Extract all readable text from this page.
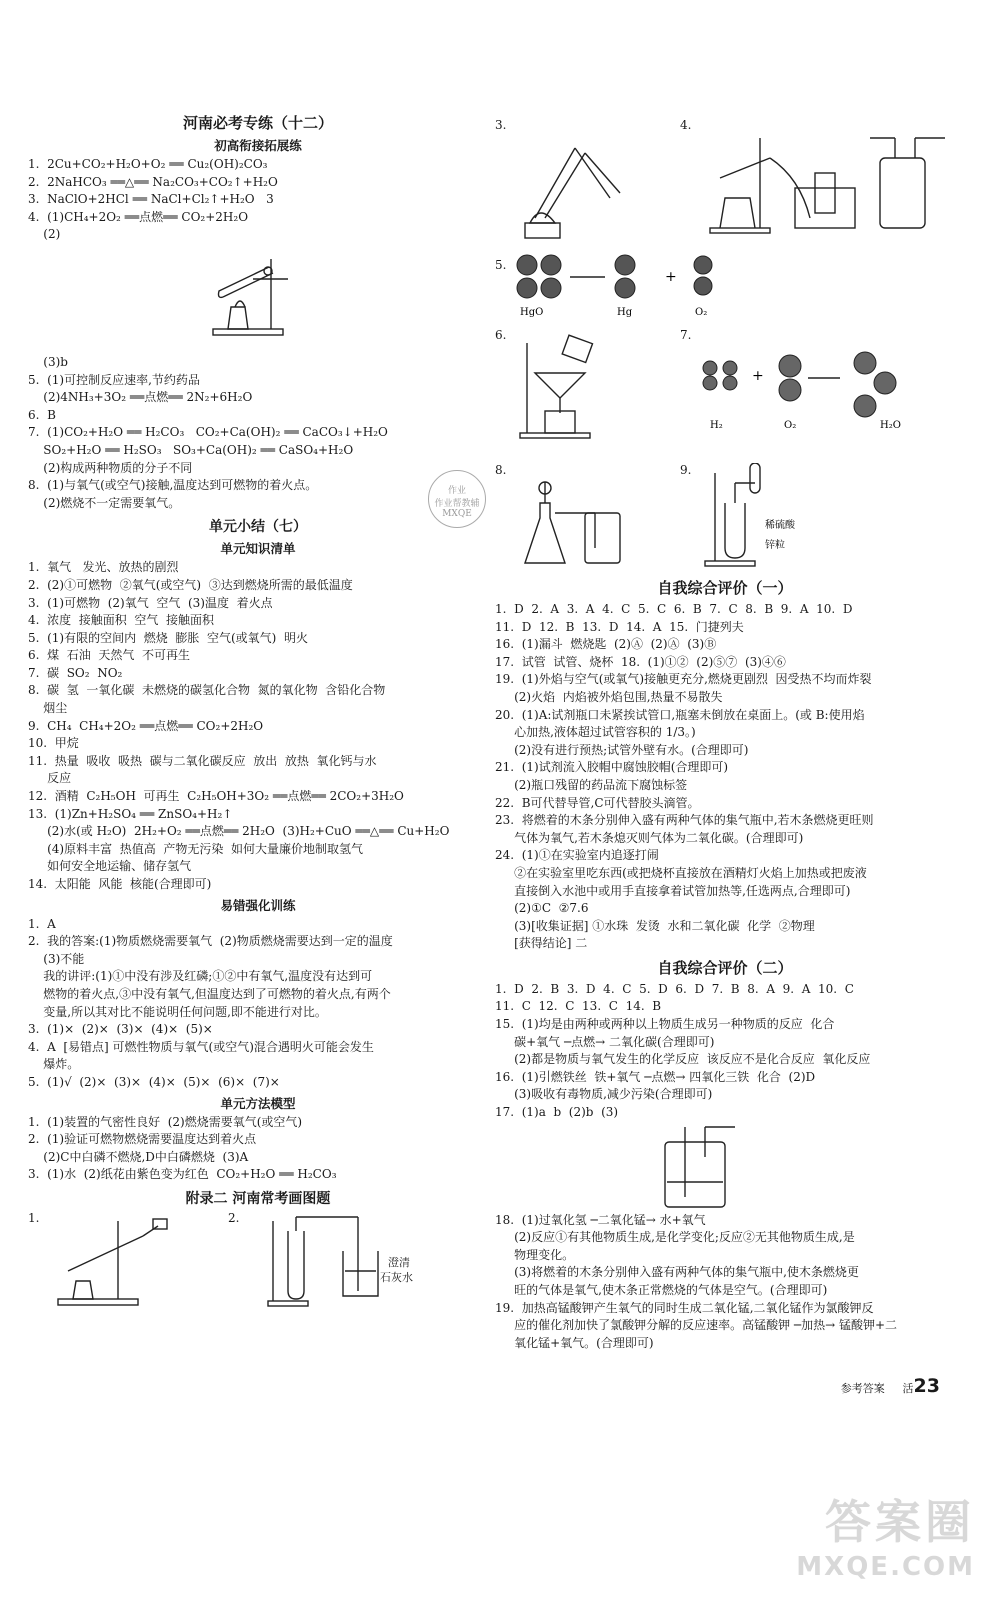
河南必考专练（十二）
初高衔接拓展练
1.  2Cu+CO₂+H₂O+O₂ ══ Cu₂(OH)₂CO₃
2.  2NaHCO₃ ══△══ Na₂CO₃+CO₂↑+H₂O
3.  NaClO+2HCl ══ NaCl+Cl₂↑+H₂O   3
4.  (1)CH₄+2O₂ ══点燃══ CO₂+2H₂O
(2)
(3)b
5.  (1)可控制反应速率,节约药品
(2)4NH₃+3O₂ ══点燃══ 2N₂+6H₂O
6.  B
7.  (1)CO₂+H₂O ══ H₂CO₃   CO₂+Ca(OH)₂ ══ CaCO₃↓+H₂O
SO₂+H₂O ══ H₂SO₃   SO₃+Ca(OH)₂ ══ CaSO₄+H₂O
(2)构成两种物质的分子不同
8.  (1)与氧气(或空气)接触,温度达到可燃物的着火点。
(2)燃烧不一定需要氧气。
单元小结（七）
单元知识清单
1.  氧气   发光、放热的剧烈
2.  (2)①可燃物  ②氧气(或空气)  ③达到燃烧所需的最低温度
3.  (1)可燃物  (2)氧气  空气  (3)温度  着火点
4.  浓度  接触面积  空气  接触面积
5.  (1)有限的空间内  燃烧  膨胀  空气(或氧气)  明火
6.  煤  石油  天然气  不可再生
7.  碳  SO₂  NO₂
8.  碳  氢  一氧化碳  未燃烧的碳氢化合物  氮的氧化物  含铅化合物
烟尘
9.  CH₄  CH₄+2O₂ ══点燃══ CO₂+2H₂O
10.  甲烷
11.  热量  吸收  吸热  碳与二氧化碳反应  放出  放热  氧化钙与水
反应
12.  酒精  C₂H₅OH  可再生  C₂H₅OH+3O₂ ══点燃══ 2CO₂+3H₂O
13.  (1)Zn+H₂SO₄ ══ ZnSO₄+H₂↑
(2)水(或 H₂O)  2H₂+O₂ ══点燃══ 2H₂O  (3)H₂+CuO ══△══ Cu+H₂O
(4)原料丰富  热值高  产物无污染  如何大量廉价地制取氢气
如何安全地运输、储存氢气
14.  太阳能  风能  核能(合理即可)
易错强化训练
1.  A
2.  我的答案:(1)物质燃烧需要氧气  (2)物质燃烧需要达到一定的温度
(3)不能
我的讲评:(1)①中没有涉及红磷;①②中有氧气,温度没有达到可
燃物的着火点,③中没有氧气,但温度达到了可燃物的着火点,有两个
变量,所以其对比不能说明任何问题,即不能进行对比。
3.  (1)×  (2)×  (3)×  (4)×  (5)×
4.  A  [易错点] 可燃性物质与氧气(或空气)混合遇明火可能会发生
爆炸。
5.  (1)√  (2)×  (3)×  (4)×  (5)×  (6)×  (7)×
单元方法模型
1.  (1)装置的气密性良好  (2)燃烧需要氧气(或空气)
2.  (1)验证可燃物燃烧需要温度达到着火点
(2)C中白磷不燃烧,D中白磷燃烧  (3)A
3.  (1)水  (2)纸花由紫色变为红色  CO₂+H₂O ══ H₂CO₃
附录二 河南常考画图题
1.	2.
澄清
石灰水
3.	4.
5.
+
HgO	Hg	O₂
6.	7.
+
H₂	O₂	H₂O
8.	9.
稀硫酸
锌粒
自我综合评价（一）
1.  D  2.  A  3.  A  4.  C  5.  C  6.  B  7.  C  8.  B  9.  A  10.  D
11.  D  12.  B  13.  D  14.  A  15.  门捷列夫
16.  (1)漏斗  燃烧匙  (2)Ⓐ  (2)Ⓐ  (3)Ⓑ
17.  试管  试管、烧杯  18.  (1)①②  (2)⑤⑦  (3)④⑥
19.  (1)外焰与空气(或氧气)接触更充分,燃烧更剧烈  因受热不均而炸裂
(2)火焰  内焰被外焰包围,热量不易散失
20.  (1)A:试剂瓶口未紧挨试管口,瓶塞未倒放在桌面上。(或 B:使用焰
心加热,液体超过试管容积的 1/3。)
(2)没有进行预热;试管外壁有水。(合理即可)
21.  (1)试剂流入胶帽中腐蚀胶帽(合理即可)
(2)瓶口残留的药品流下腐蚀标签
22.  B可代替导管,C可代替胶头滴管。
23.  将燃着的木条分别伸入盛有两种气体的集气瓶中,若木条燃烧更旺则
气体为氧气,若木条熄灭则气体为二氧化碳。(合理即可)
24.  (1)①在实验室内追逐打闹
②在实验室里吃东西(或把烧杯直接放在酒精灯火焰上加热或把废液
直接倒入水池中或用手直接拿着试管加热等,任选两点,合理即可)
(2)①C  ②7.6
(3)[收集证据] ①水珠  发烫  水和二氧化碳  化学  ②物理
[获得结论] 二
自我综合评价（二）
1.  D  2.  B  3.  D  4.  C  5.  D  6.  D  7.  B  8.  A  9.  A  10.  C
11.  C  12.  C  13.  C  14.  B
15.  (1)均是由两种或两种以上物质生成另一种物质的反应  化合
碳+氧气 ─点燃→ 二氧化碳(合理即可)
(2)都是物质与氧气发生的化学反应  该反应不是化合反应  氧化反应
16.  (1)引燃铁丝  铁+氧气 ─点燃→ 四氧化三铁  化合  (2)D
(3)吸收有毒物质,减少污染(合理即可)
17.  (1)a  b  (2)b  (3)
18.  (1)过氧化氢 ─二氧化锰→ 水+氧气
(2)反应①有其他物质生成,是化学变化;反应②无其他物质生成,是
物理变化。
(3)将燃着的木条分别伸入盛有两种气体的集气瓶中,使木条燃烧更
旺的气体是氧气,使木条正常燃烧的气体是空气。(合理即可)
19.  加热高锰酸钾产生氧气的同时生成二氧化锰,二氧化锰作为氯酸钾反
应的催化剂加快了氯酸钾分解的反应速率。高锰酸钾 ─加热→ 锰酸钾+二
氧化锰+氧气。(合理即可)
作业
作业帮教辅
MXQE
参考答案 活23
答案圈
MXQE.COM
